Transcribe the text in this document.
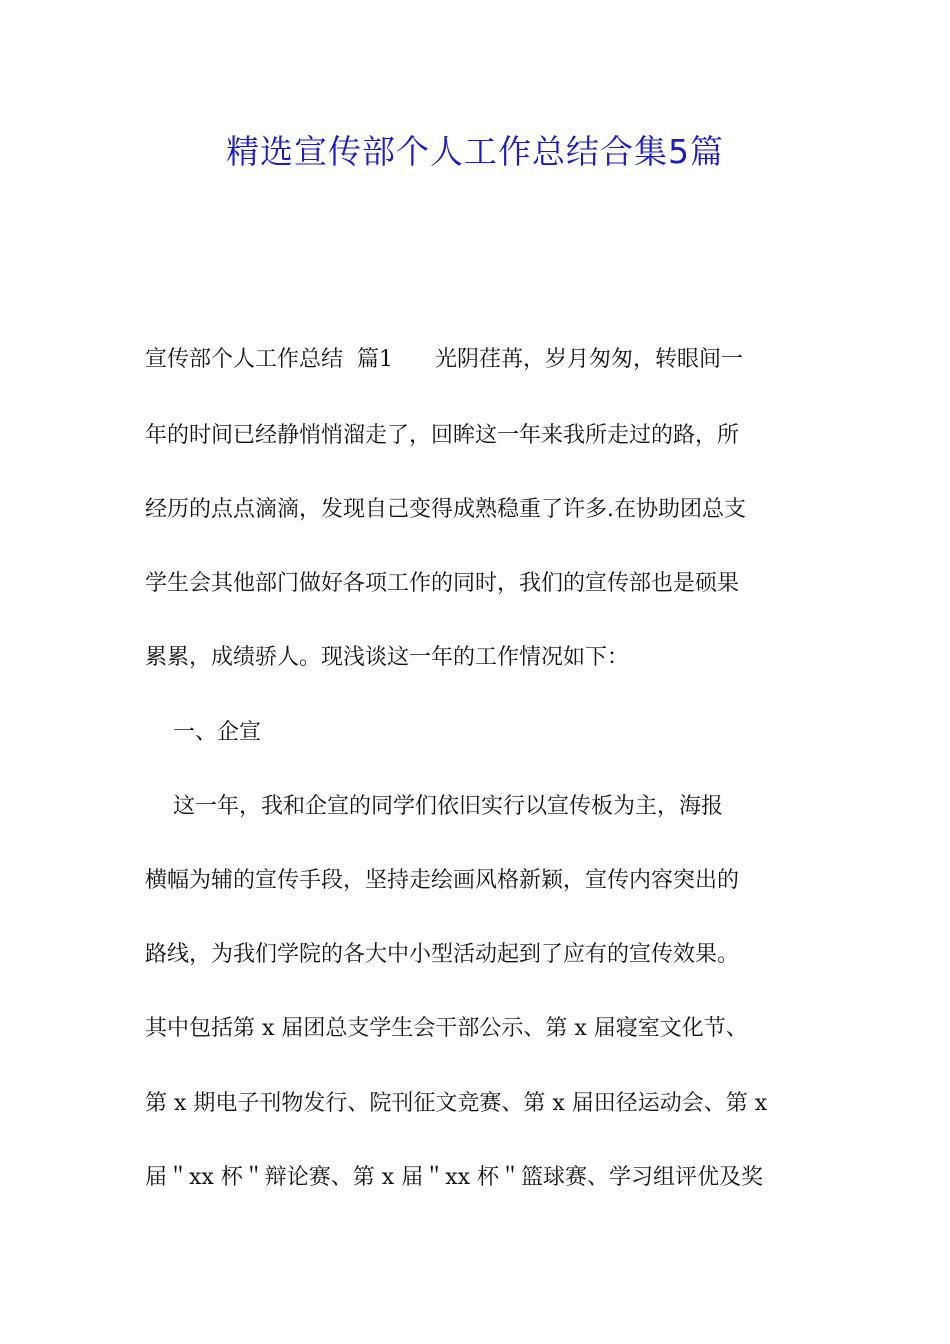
精选宣传部个人工作总结合集5篇
宣传部个人工作总结  篇1      光阴荏苒，岁月匆匆，转眼间一
年的时间已经静悄悄溜走了，回眸这一年来我所走过的路，所
经历的点点滴滴，发现自己变得成熟稳重了许多.在协助团总支
学生会其他部门做好各项工作的同时，我们的宣传部也是硕果
累累，成绩骄人。现浅谈这一年的工作情况如下：
一、企宣
这一年，我和企宣的同学们依旧实行以宣传板为主，海报
横幅为辅的宣传手段，坚持走绘画风格新颖，宣传内容突出的
路线，为我们学院的各大中小型活动起到了应有的宣传效果。
其中包括第 x 届团总支学生会干部公示、第 x 届寝室文化节、
第 x 期电子刊物发行、院刊征文竞赛、第 x 届田径运动会、第 x
届＂xx 杯＂辩论赛、第 x 届＂xx 杯＂篮球赛、学习组评优及奖
